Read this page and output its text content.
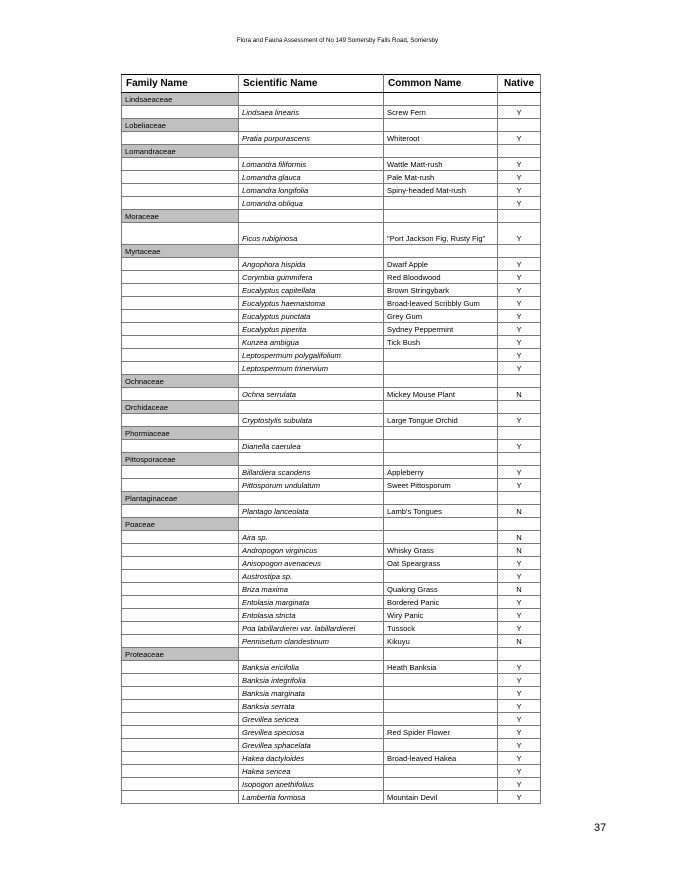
Flora and Fauna Assessment of No 149 Somersby Falls Road, Somersby
Family Name	Scientific Name	Common Name	Native
Lindsaeaceae			
	Lindsaea linearis	Screw Fern	Y
Lobeliaceae			
	Pratia purpurascens	Whiteroot	Y
Lomandraceae			
	Lomandra filiformis	Wattle Matt-rush	Y
	Lomandra glauca	Pale Mat-rush	Y
	Lomandra longifolia	Spiny-headed Mat-rush	Y
	Lomandra obliqua		Y
Moraceae			
	Ficus rubiginosa	"Port Jackson Fig, Rusty Fig"	Y
Myrtaceae			
	Angophora hispida	Dwarf Apple	Y
	Corymbia gummifera	Red Bloodwood	Y
	Eucalyptus capitellata	Brown Stringybark	Y
	Eucalyptus haemastoma	Broad-leaved Scribbly Gum	Y
	Eucalyptus punctata	Grey Gum	Y
	Eucalyptus piperita	Sydney Peppermint	Y
	Kunzea ambigua	Tick Bush	Y
	Leptospermum polygalifolium		Y
	Leptospermum trinervium		Y
Ochnaceae			
	Ochna serrulata	Mickey Mouse Plant	N
Orchidaceae			
	Cryptostylis subulata	Large Tongue Orchid	Y
Phormiaceae			
	Dianella caerulea		Y
Pittosporaceae			
	Billardiera scandens	Appleberry	Y
	Pittosporum undulatum	Sweet Pittosporum	Y
Plantaginaceae			
	Plantago lanceolata	Lamb's Tongues	N
Poaceae			
	Aira sp.		N
	Andropogon virginicus	Whisky Grass	N
	Anisopogon avenaceus	Oat Speargrass	Y
	Austrostipa sp.		Y
	Briza maxima	Quaking Grass	N
	Entolasia marginata	Bordered Panic	Y
	Entolasia stricta	Wiry Panic	Y
	Poa labillardierei var. labillardierei	Tussock	Y
	Pennisetum clandestinum	Kikuyu	N
Proteaceae			
	Banksia ericifolia	Heath Banksia	Y
	Banksia integrifolia		Y
	Banksia marginata		Y
	Banksia serrata		Y
	Grevillea sericea		Y
	Grevillea speciosa	Red Spider Flower	Y
	Grevillea sphacelata		Y
	Hakea dactyloides	Broad-leaved Hakea	Y
	Hakea sericea		Y
	Isopogon anethifolius		Y
	Lambertia formosa	Mountain Devil	Y
37
